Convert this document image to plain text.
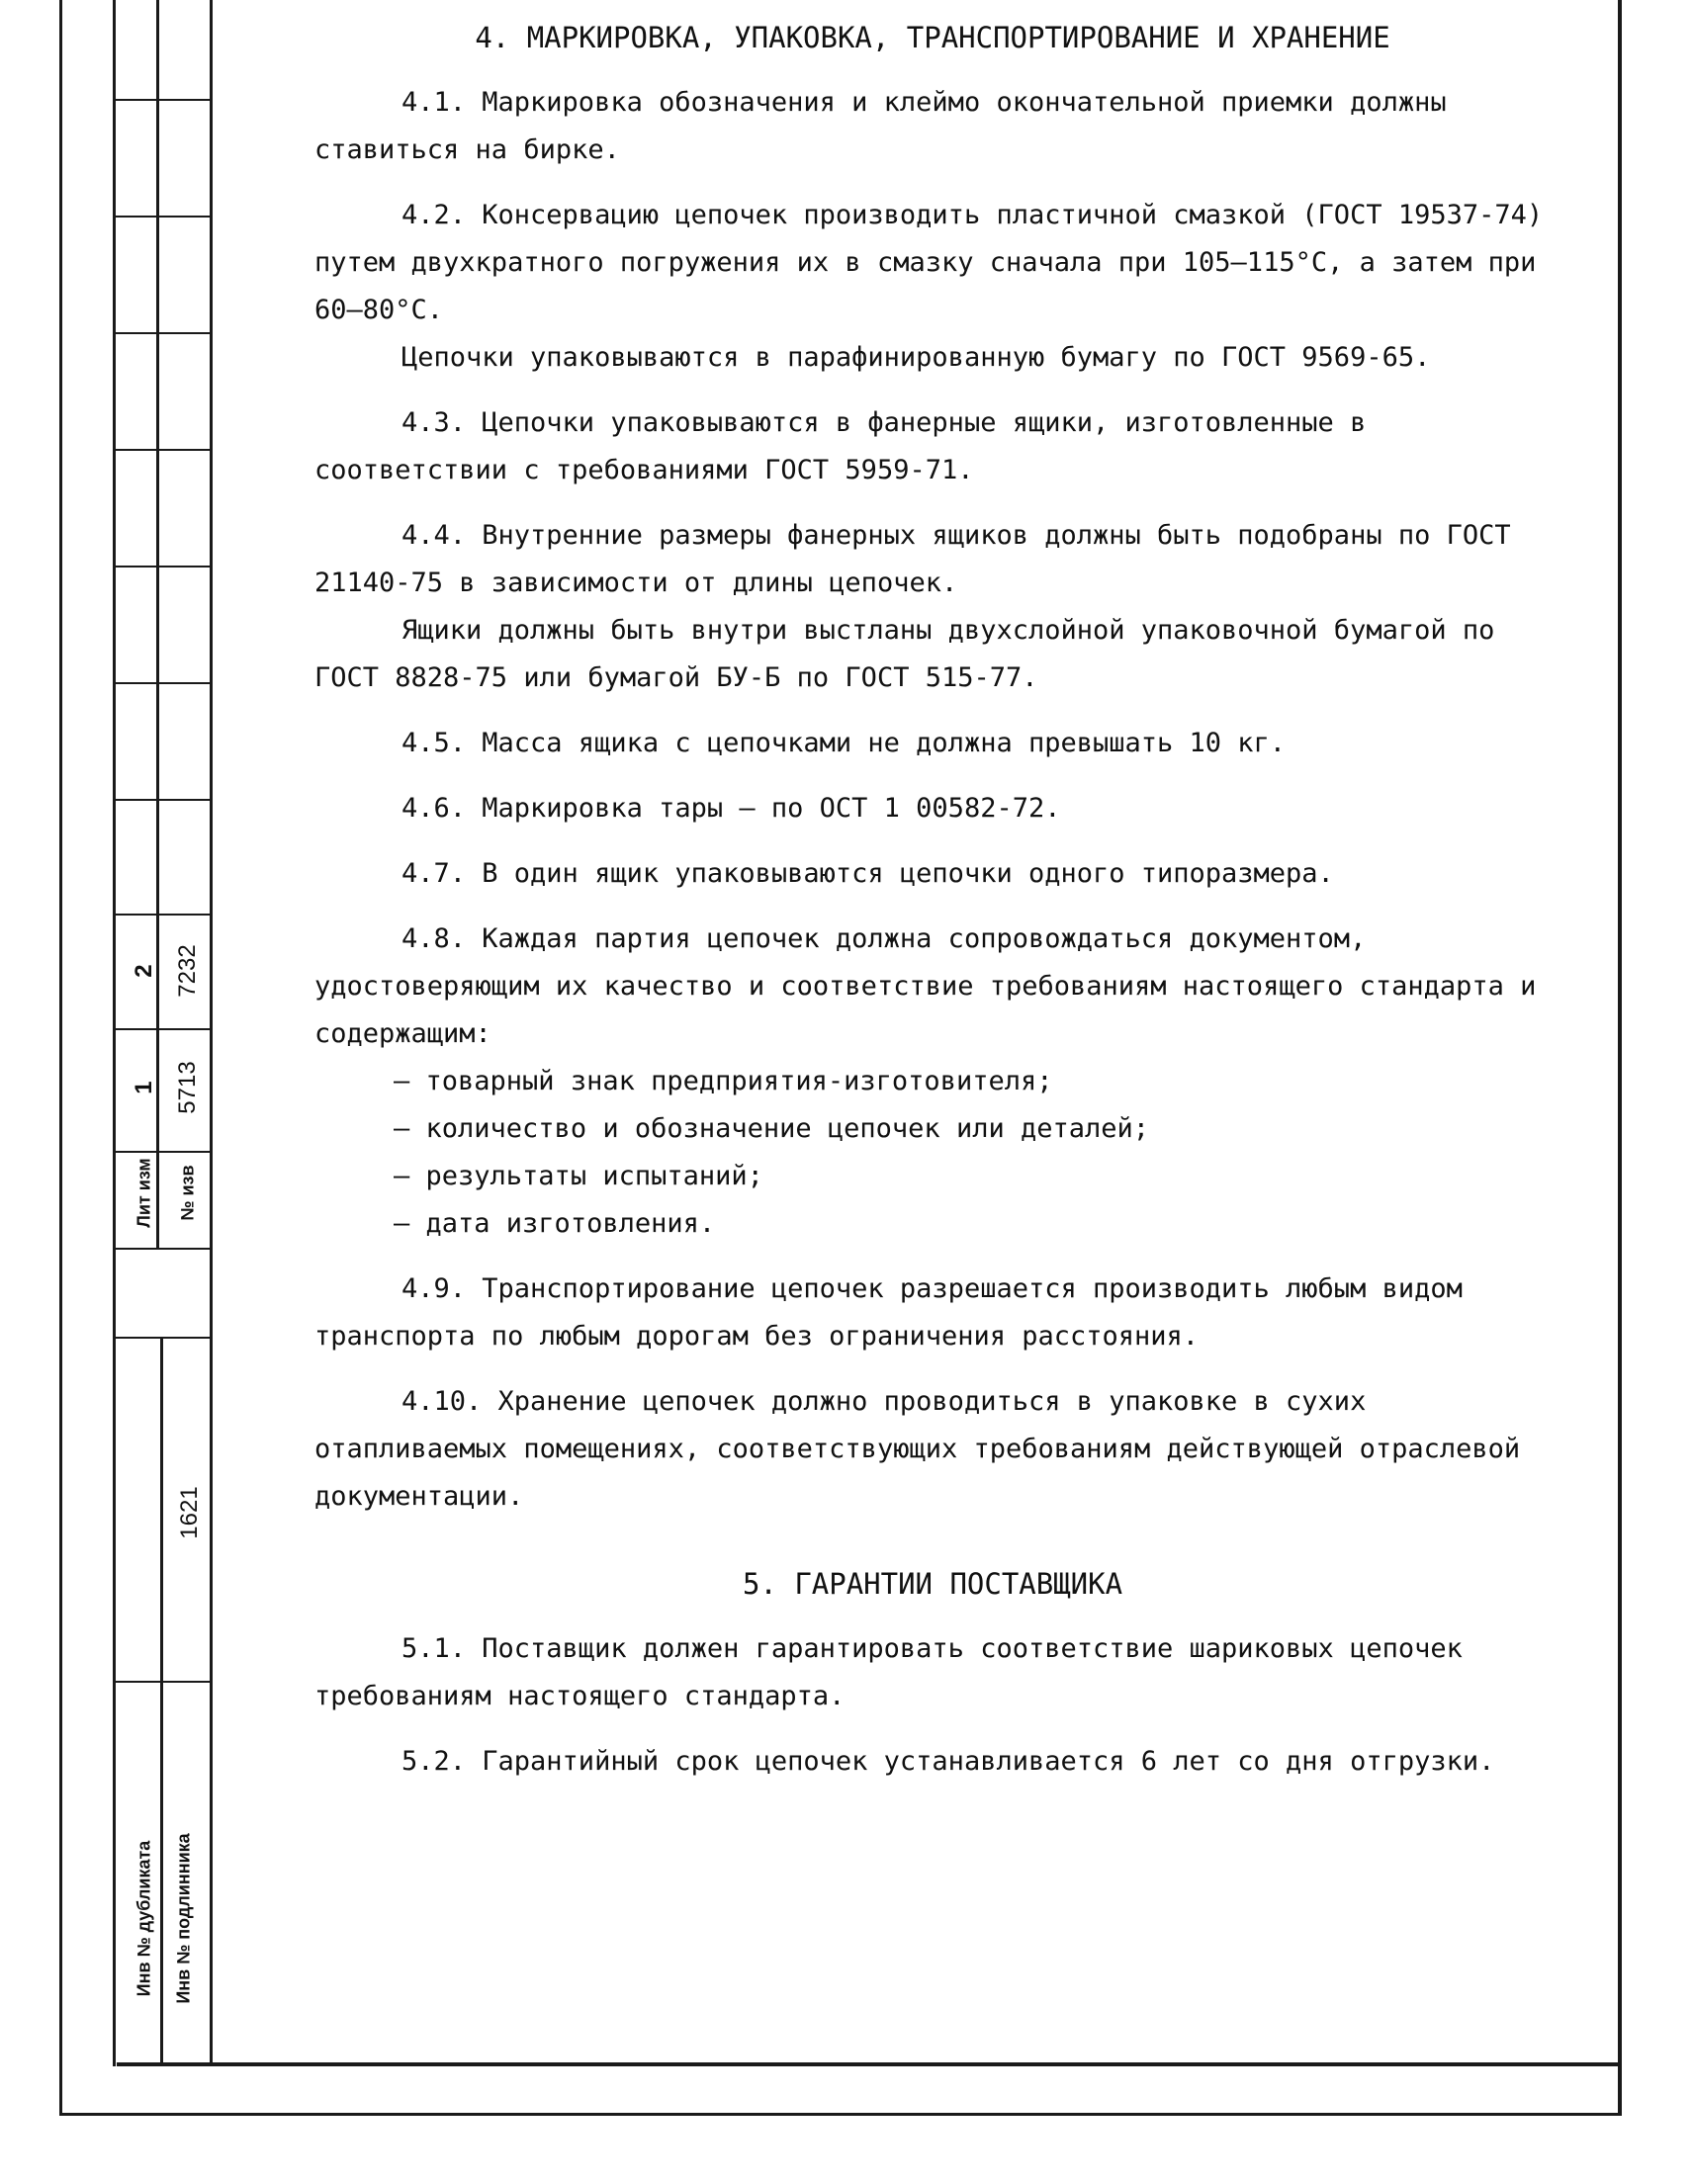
2 7232
1 5713
Лит изм № изв
1621
Инв № дубликата Инв № подлинника

4. МАРКИРОВКА, УПАКОВКА, ТРАНСПОРТИРОВАНИЕ И ХРАНЕНИЕ

4.1. Маркировка обозначения и клеймо окончательной приемки должны ставиться на бирке.

4.2. Консервацию цепочек производить пластичной смазкой (ГОСТ 19537-74) путем двухкратного погружения их в смазку сначала при 105–115°С, а затем при 60–80°С.

Цепочки упаковываются в парафинированную бумагу по ГОСТ 9569-65.

4.3. Цепочки упаковываются в фанерные ящики, изготовленные в соответствии с требованиями ГОСТ 5959-71.

4.4. Внутренние размеры фанерных ящиков должны быть подобраны по ГОСТ 21140-75 в зависимости от длины цепочек.

Ящики должны быть внутри выстланы двухслойной упаковочной бумагой по ГОСТ 8828-75 или бумагой БУ-Б по ГОСТ 515-77.

4.5. Масса ящика с цепочками не должна превышать 10 кг.

4.6. Маркировка тары – по ОСТ 1 00582-72.

4.7. В один ящик упаковываются цепочки одного типоразмера.

4.8. Каждая партия цепочек должна сопровождаться документом, удостоверяющим их качество и соответствие требованиям настоящего стандарта и содержащим:

– товарный знак предприятия-изготовителя;
– количество и обозначение цепочек или деталей;
– результаты испытаний;
– дата изготовления.

4.9. Транспортирование цепочек разрешается производить любым видом транспорта по любым дорогам без ограничения расстояния.

4.10. Хранение цепочек должно проводиться в упаковке в сухих отапливаемых помещениях, соответствующих требованиям действующей отраслевой документации.

5. ГАРАНТИИ ПОСТАВЩИКА

5.1. Поставщик должен гарантировать соответствие шариковых цепочек требованиям настоящего стандарта.

5.2. Гарантийный срок цепочек устанавливается 6 лет со дня отгрузки.
